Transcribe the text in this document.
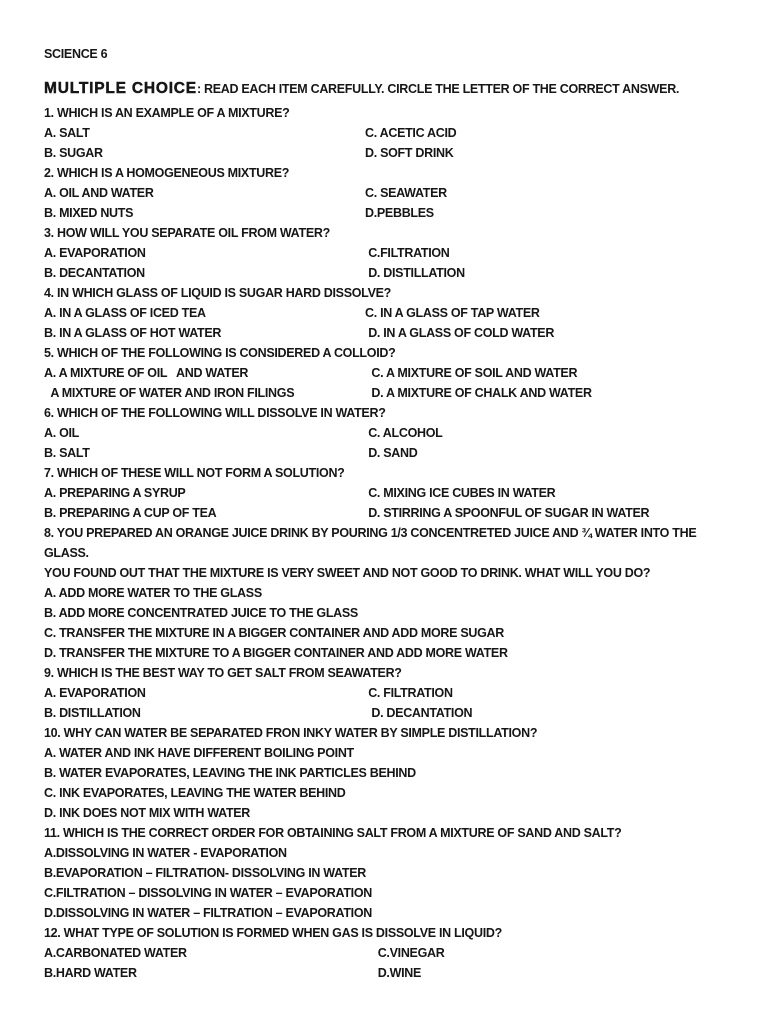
SCIENCE 6
MULTIPLE CHOICE: READ EACH ITEM CAREFULLY. CIRCLE THE LETTER OF THE CORRECT ANSWER.
1. WHICH IS AN EXAMPLE OF A MIXTURE?
A. SALT	C. ACETIC ACID
B. SUGAR	D. SOFT DRINK
2. WHICH IS A HOMOGENEOUS MIXTURE?
A. OIL AND WATER	C. SEAWATER
B. MIXED NUTS	D.PEBBLES
3. HOW WILL YOU SEPARATE OIL FROM WATER?
A. EVAPORATION	C.FILTRATION
B. DECANTATION	D. DISTILLATION
4. IN WHICH GLASS OF LIQUID IS SUGAR HARD DISSOLVE?
A. IN A GLASS OF ICED TEA	C. IN A GLASS OF TAP WATER
B. IN A GLASS OF HOT WATER	D. IN A GLASS OF COLD WATER
5. WHICH OF THE FOLLOWING IS CONSIDERED A COLLOID?
A. A MIXTURE OF OIL   AND WATER	C. A MIXTURE OF SOIL AND WATER
A MIXTURE OF WATER AND IRON FILINGS	D. A MIXTURE OF CHALK AND WATER
6. WHICH OF THE FOLLOWING WILL DISSOLVE IN WATER?
A. OIL	C. ALCOHOL
B. SALT	D. SAND
7. WHICH OF THESE WILL NOT FORM A SOLUTION?
A. PREPARING A SYRUP	C. MIXING ICE CUBES IN WATER
B. PREPARING A CUP OF TEA	D. STIRRING A SPOONFUL OF SUGAR IN WATER
8. YOU PREPARED AN ORANGE JUICE DRINK BY POURING 1/3 CONCENTRETED JUICE AND ¾ WATER INTO THE GLASS.
YOU FOUND OUT THAT THE MIXTURE IS VERY SWEET AND NOT GOOD TO DRINK. WHAT WILL YOU DO?
A. ADD MORE WATER TO THE GLASS
B. ADD MORE CONCENTRATED JUICE TO THE GLASS
C. TRANSFER THE MIXTURE IN A BIGGER CONTAINER AND ADD MORE SUGAR
D. TRANSFER THE MIXTURE TO A BIGGER CONTAINER AND ADD MORE WATER
9. WHICH IS THE BEST WAY TO GET SALT FROM SEAWATER?
A. EVAPORATION	C. FILTRATION
B. DISTILLATION	D. DECANTATION
10. WHY CAN WATER BE SEPARATED FRON INKY WATER BY SIMPLE DISTILLATION?
A. WATER AND INK HAVE DIFFERENT BOILING POINT
B. WATER EVAPORATES, LEAVING THE INK PARTICLES BEHIND
C. INK EVAPORATES, LEAVING THE WATER BEHIND
D. INK DOES NOT MIX WITH WATER
11. WHICH IS THE CORRECT ORDER FOR OBTAINING SALT FROM A MIXTURE OF SAND AND SALT?
A.DISSOLVING IN WATER - EVAPORATION
B.EVAPORATION – FILTRATION- DISSOLVING IN WATER
C.FILTRATION – DISSOLVING IN WATER – EVAPORATION
D.DISSOLVING IN WATER – FILTRATION – EVAPORATION
12. WHAT TYPE OF SOLUTION IS FORMED WHEN GAS IS DISSOLVE IN LIQUID?
A.CARBONATED WATER	C.VINEGAR
B.HARD WATER	D.WINE
